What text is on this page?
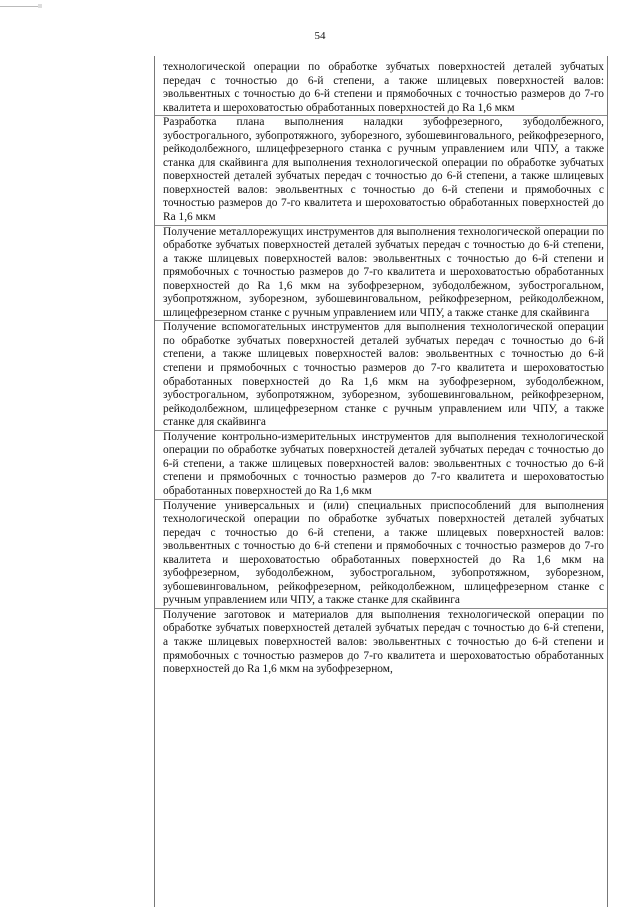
54
технологической операции по обработке зубчатых поверхностей деталей зубчатых передач с точностью до 6-й степени, а также шлицевых поверхностей валов: эвольвентных с точностью до 6-й степени и прямобочных с точностью размеров до 7-го квалитета и шероховатостью обработанных поверхностей до Ra 1,6 мкм
Разработка плана выполнения наладки зубофрезерного, зубодолбежного, зубострогального, зубопротяжного, зуборезного, зубошевинговального, рейкофрезерного, рейкодолбежного, шлицефрезерного станка с ручным управлением или ЧПУ, а также станка для скайвинга для выполнения технологической операции по обработке зубчатых поверхностей деталей зубчатых передач с точностью до 6-й степени, а также шлицевых поверхностей валов: эвольвентных с точностью до 6-й степени и прямобочных с точностью размеров до 7-го квалитета и шероховатостью обработанных поверхностей до Ra 1,6 мкм
Получение металлорежущих инструментов для выполнения технологической операции по обработке зубчатых поверхностей деталей зубчатых передач с точностью до 6-й степени, а также шлицевых поверхностей валов: эвольвентных с точностью до 6-й степени и прямобочных с точностью размеров до 7-го квалитета и шероховатостью обработанных поверхностей до Ra 1,6 мкм на зубофрезерном, зубодолбежном, зубострогальном, зубопротяжном, зуборезном, зубошевинговальном, рейкофрезерном, рейкодолбежном, шлицефрезерном станке с ручным управлением или ЧПУ, а также станке для скайвинга
Получение вспомогательных инструментов для выполнения технологической операции по обработке зубчатых поверхностей деталей зубчатых передач с точностью до 6-й степени, а также шлицевых поверхностей валов: эвольвентных с точностью до 6-й степени и прямобочных с точностью размеров до 7-го квалитета и шероховатостью обработанных поверхностей до Ra 1,6 мкм на зубофрезерном, зубодолбежном, зубострогальном, зубопротяжном, зуборезном, зубошевинговальном, рейкофрезерном, рейкодолбежном, шлицефрезерном станке с ручным управлением или ЧПУ, а также станке для скайвинга
Получение контрольно-измерительных инструментов для выполнения технологической операции по обработке зубчатых поверхностей деталей зубчатых передач с точностью до 6-й степени, а также шлицевых поверхностей валов: эвольвентных с точностью до 6-й степени и прямобочных с точностью размеров до 7-го квалитета и шероховатостью обработанных поверхностей до Ra 1,6 мкм
Получение универсальных и (или) специальных приспособлений для выполнения технологической операции по обработке зубчатых поверхностей деталей зубчатых передач с точностью до 6-й степени, а также шлицевых поверхностей валов: эвольвентных с точностью до 6-й степени и прямобочных с точностью размеров до 7-го квалитета и шероховатостью обработанных поверхностей до Ra 1,6 мкм на зубофрезерном, зубодолбежном, зубострогальном, зубопротяжном, зуборезном, зубошевинговальном, рейкофрезерном, рейкодолбежном, шлицефрезерном станке с ручным управлением или ЧПУ, а также станке для скайвинга
Получение заготовок и материалов для выполнения технологической операции по обработке зубчатых поверхностей деталей зубчатых передач с точностью до 6-й степени, а также шлицевых поверхностей валов: эвольвентных с точностью до 6-й степени и прямобочных с точностью размеров до 7-го квалитета и шероховатостью обработанных поверхностей до Ra 1,6 мкм на зубофрезерном,
